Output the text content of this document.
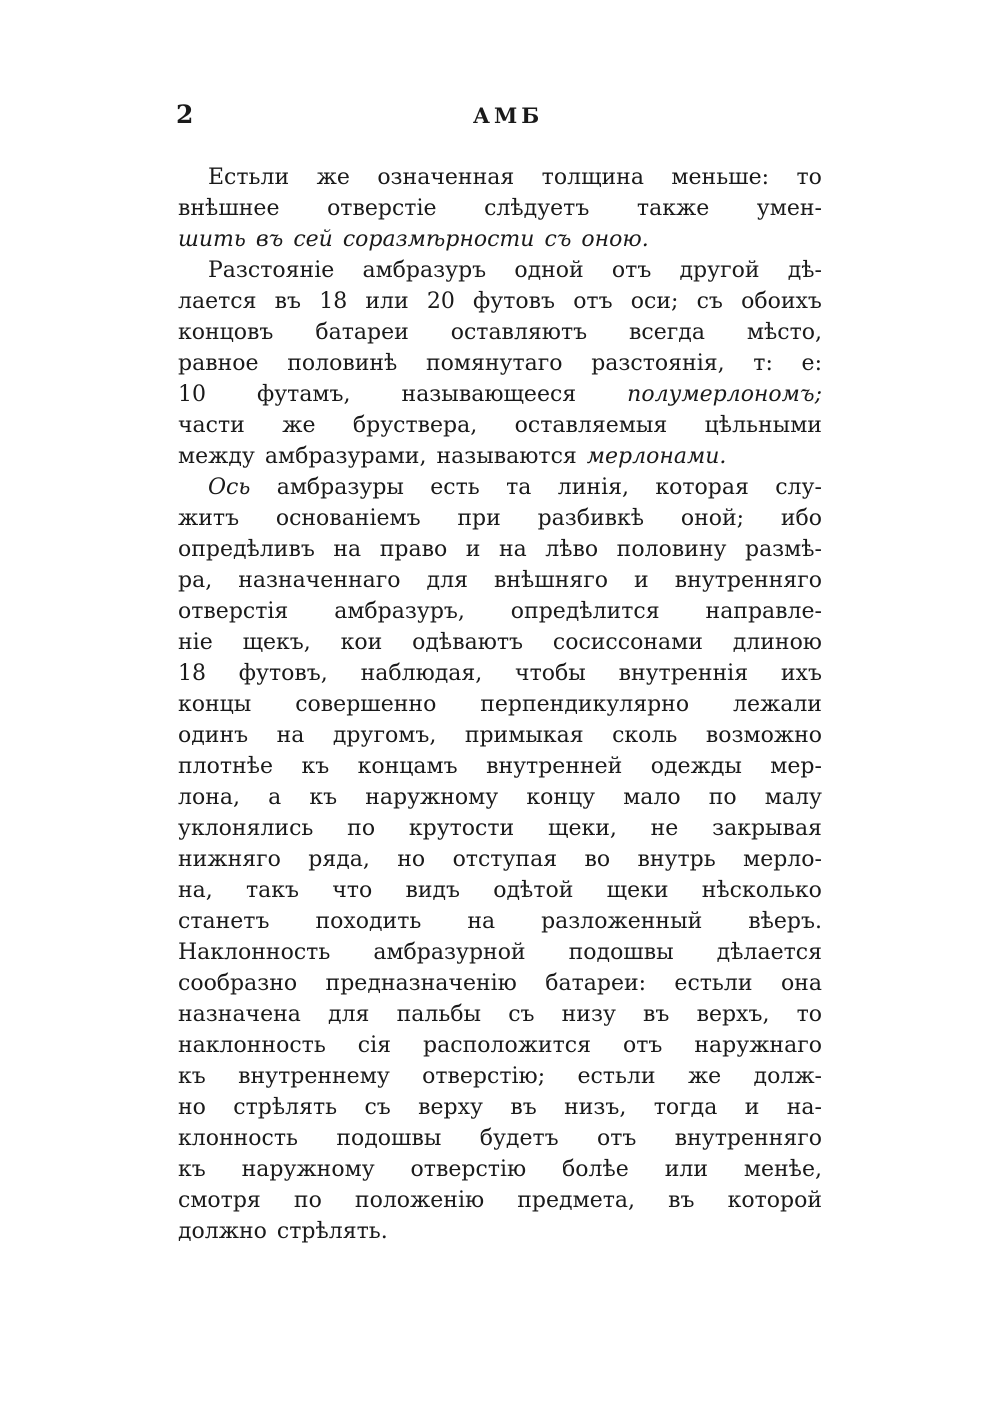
2	АМБ
Естьли же означенная толщина меньше: то
внѣшнее отверстіе слѣдуетъ также умен-
шить въ сей соразмѣрности съ оною.
Разстояніе амбразуръ одной отъ другой дѣ-
лается въ 18 или 20 футовъ отъ оси; съ обоихъ
концовъ батареи оставляютъ всегда мѣсто,
равное половинѣ помянутаго разстоянія, т: е:
10 футамъ, называющееся полумерлономъ;
части же бруствера, оставляемыя цѣльными
между амбразурами, называются мерлонами.
Ось амбразуры есть та линія, которая слу-
житъ основаніемъ при разбивкѣ оной; ибо
опредѣливъ на право и на лѣво половину размѣ-
ра, назначеннаго для внѣшняго и внутренняго
отверстія амбразуръ, опредѣлится направле-
ніе щекъ, кои одѣваютъ сосиссонами длиною
18 футовъ, наблюдая, чтобы внутреннія ихъ
концы совершенно перпендикулярно лежали
одинъ на другомъ, примыкая сколь возможно
плотнѣе къ концамъ внутренней одежды мер-
лона, а къ наружному концу мало по малу
уклонялись по крутости щеки, не закрывая
нижняго ряда, но отступая во внутрь мерло-
на, такъ что видъ одѣтой щеки нѣсколько
станетъ походить на разложенный вѣеръ.
Наклонность амбразурной подошвы дѣлается
сообразно предназначенію батареи: естьли она
назначена для пальбы съ низу въ верхъ, то
наклонность сія расположится отъ наружнаго
къ внутреннему отверстію; естьли же долж-
но стрѣлять съ верху въ низъ, тогда и на-
клонность подошвы будетъ отъ внутренняго
къ наружному отверстію болѣе или менѣе,
смотря по положенію предмета, въ которой
должно стрѣлять.
